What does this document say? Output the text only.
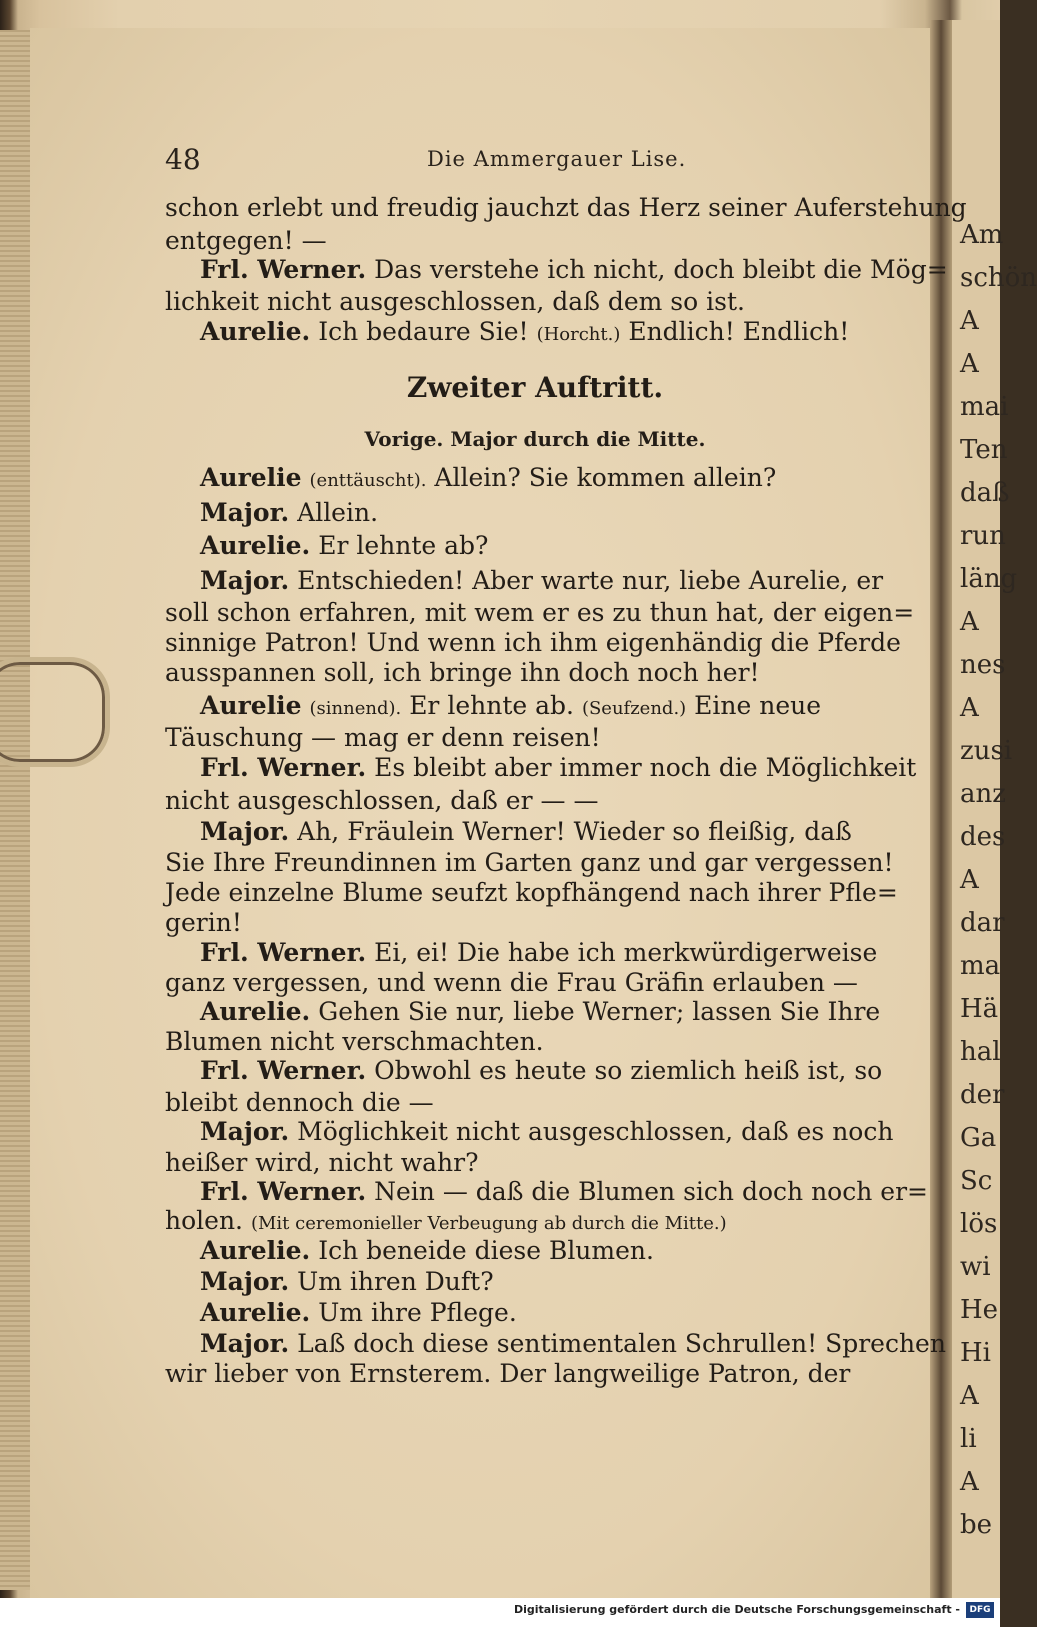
Am
schön
A
A
mai
Ten
daß
run
läng
A
nes
A
zusi
anz
des
A
dar
ma
Hä
hal
der
Ga
Sc
lös
wi
He
Hi
A
li
A
be
48	Die Ammergauer Lise.
schon erlebt und freudig jauchzt das Herz seiner Auferstehung
entgegen! —
Frl. Werner. Das verstehe ich nicht, doch bleibt die Mög=
lichkeit nicht ausgeschlossen, daß dem so ist.
Aurelie. Ich bedaure Sie! (Horcht.) Endlich! Endlich!
Zweiter Auftritt.
Vorige. Major durch die Mitte.
Aurelie (enttäuscht). Allein? Sie kommen allein?
Major. Allein.
Aurelie. Er lehnte ab?
Major. Entschieden! Aber warte nur, liebe Aurelie, er
soll schon erfahren, mit wem er es zu thun hat, der eigen=
sinnige Patron! Und wenn ich ihm eigenhändig die Pferde
ausspannen soll, ich bringe ihn doch noch her!
Aurelie (sinnend). Er lehnte ab. (Seufzend.) Eine neue
Täuschung — mag er denn reisen!
Frl. Werner. Es bleibt aber immer noch die Möglichkeit
nicht ausgeschlossen, daß er — —
Major. Ah, Fräulein Werner! Wieder so fleißig, daß
Sie Ihre Freundinnen im Garten ganz und gar vergessen!
Jede einzelne Blume seufzt kopfhängend nach ihrer Pfle=
gerin!
Frl. Werner. Ei, ei! Die habe ich merkwürdigerweise
ganz vergessen, und wenn die Frau Gräfin erlauben —
Aurelie. Gehen Sie nur, liebe Werner; lassen Sie Ihre
Blumen nicht verschmachten.
Frl. Werner. Obwohl es heute so ziemlich heiß ist, so
bleibt dennoch die —
Major. Möglichkeit nicht ausgeschlossen, daß es noch
heißer wird, nicht wahr?
Frl. Werner. Nein — daß die Blumen sich doch noch er=
holen. (Mit ceremonieller Verbeugung ab durch die Mitte.)
Aurelie. Ich beneide diese Blumen.
Major. Um ihren Duft?
Aurelie. Um ihre Pflege.
Major. Laß doch diese sentimentalen Schrullen! Sprechen
wir lieber von Ernsterem. Der langweilige Patron, der
Digitalisierung gefördert durch die Deutsche Forschungsgemeinschaft -	DFG
